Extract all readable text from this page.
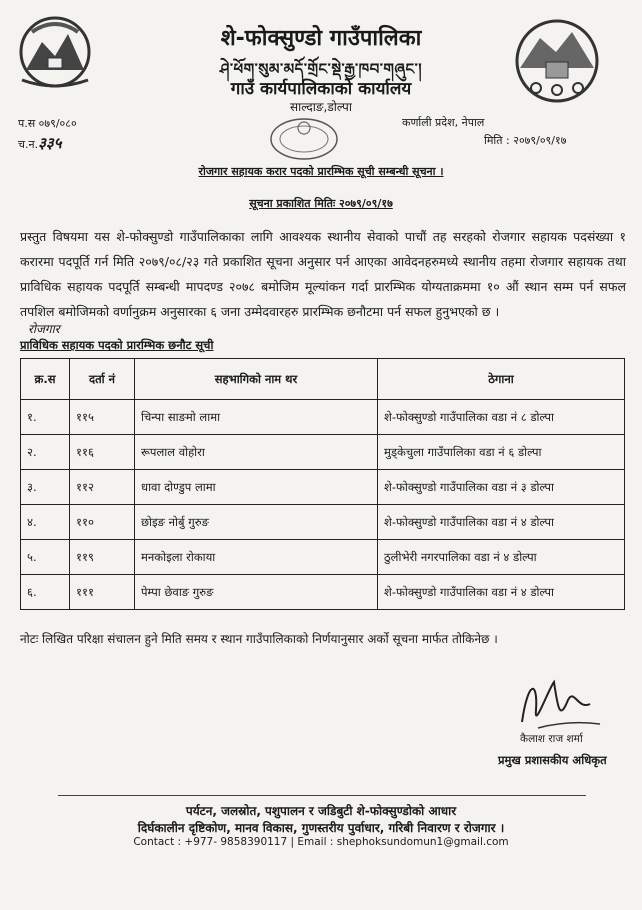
शे-फोक्सुण्डो गाउँपालिका
ཤེ་ཕོག་སུམ་མདོ་གྲོང་སྡེ་རྒྱ་ཁབ་གཞུང་།
गाउँ कार्यपालिकाको कार्यालय
साल्दाङ,डोल्पा
प.स ०७९/०८०
च.न.३३५
कर्णाली प्रदेश, नेपाल
मिति : २०७९/०९/१७
रोजगार सहायक करार पदको प्रारम्भिक सूची सम्बन्धी सूचना ।
सूचना प्रकाशित मितिः २०७९/०९/१७
प्रस्तुत विषयमा यस शे-फोक्सुण्डो गाउँपालिकाका लागि आवश्यक स्थानीय सेवाको पाचौं तह सरहको रोजगार सहायक पदसंख्या १ करारमा पदपूर्ति गर्न मिति २०७९/०८/२३ गते प्रकाशित सूचना अनुसार पर्न आएका आवेदनहरुमध्ये स्थानीय तहमा रोजगार सहायक तथा प्राविधिक सहायक पदपूर्ति सम्बन्धी मापदण्ड २०७८ बमोजिम मूल्यांकन गर्दा प्रारम्भिक योग्यताक्रममा १० औं स्थान सम्म पर्न सफल तपशिल बमोजिमको वर्णानुक्रम अनुसारका ६ जना उम्मेदवारहरु प्रारम्भिक छनौटमा पर्न सफल हुनुभएको छ ।
रोजगार
प्राविधिक सहायक पदको प्रारम्भिक छनौट सूची
क्र.स	दर्ता नं	सहभागिको नाम थर	ठेगाना
१.	११५	चिन्पा साङमो लामा	शे-फोक्सुण्डो गाउँपालिका वडा नं ८ डोल्पा
२.	११६	रूपलाल वोहोरा	मुड्केचुला गाउँपालिका वडा नं ६ डोल्पा
३.	११२	धावा दोण्डुप लामा	शे-फोक्सुण्डो गाउँपालिका वडा नं ३ डोल्पा
४.	११०	छोइङ नोर्बु गुरुङ	शे-फोक्सुण्डो गाउँपालिका वडा नं ४ डोल्पा
५.	११९	मनकोइला रोकाया	ठुलीभेरी नगरपालिका वडा नं ४ डोल्पा
६.	१११	पेम्पा छेवाङ गुरुङ	शे-फोक्सुण्डो गाउँपालिका वडा नं ४ डोल्पा
नोटः लिखित परिक्षा संचालन हुने मिति समय र स्थान गाउँपालिकाको निर्णयानुसार अर्को सूचना मार्फत तोकिनेछ ।
कैलाश राज शर्मा
प्रमुख प्रशासकीय अधिकृत
पर्यटन, जलस्रोत, पशुपालन र जडिबुटी शे-फोक्सुण्डोको आधार
दिर्घकालीन दृष्टिकोण, मानव विकास, गुणस्तरीय पुर्वाधार, गरिबी निवारण र रोजगार ।
Contact : +977- 9858390117 | Email : shephoksundomun1@gmail.com
